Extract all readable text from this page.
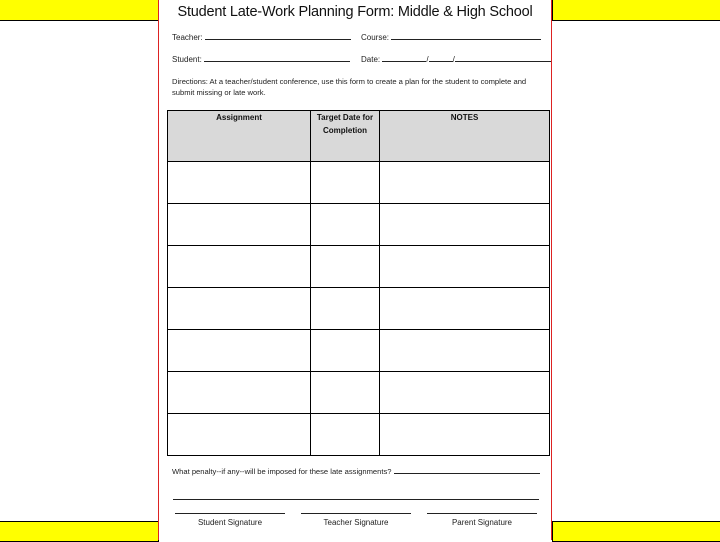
Student Late-Work Planning Form: Middle & High School
Teacher:	Course:
Student:	Date:	/	/
Directions: At a teacher/student conference, use this form to create a plan for the student to complete and submit missing or late work.
Assignment	Target Date for Completion	NOTES

What penalty--if any--will be imposed for these late assignments?
Student Signature	Teacher Signature	Parent Signature
